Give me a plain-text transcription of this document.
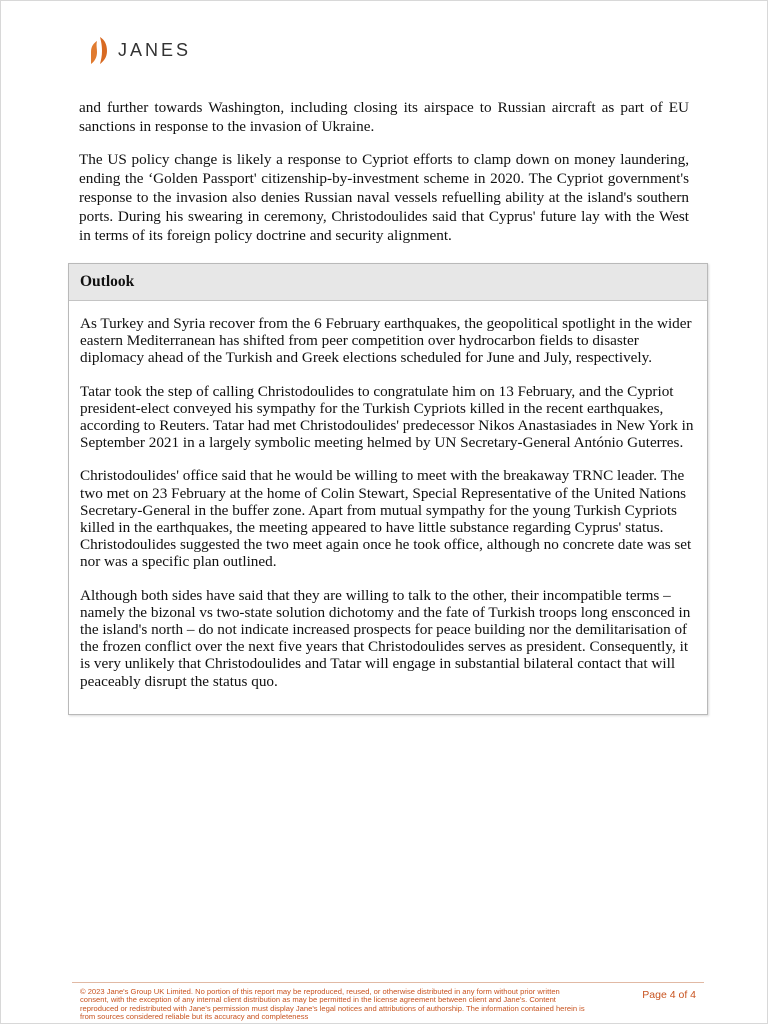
JANES

and further towards Washington, including closing its airspace to Russian aircraft as part of EU sanctions in response to the invasion of Ukraine.

The US policy change is likely a response to Cypriot efforts to clamp down on money laundering, ending the ‘Golden Passport' citizenship-by-investment scheme in 2020. The Cypriot government's response to the invasion also denies Russian naval vessels refuelling ability at the island's southern ports. During his swearing in ceremony, Christodoulides said that Cyprus' future lay with the West in terms of its foreign policy doctrine and security alignment.

Outlook

As Turkey and Syria recover from the 6 February earthquakes, the geopolitical spotlight in the wider eastern Mediterranean has shifted from peer competition over hydrocarbon fields to disaster diplomacy ahead of the Turkish and Greek elections scheduled for June and July, respectively.

Tatar took the step of calling Christodoulides to congratulate him on 13 February, and the Cypriot president-elect conveyed his sympathy for the Turkish Cypriots killed in the recent earthquakes, according to Reuters. Tatar had met Christodoulides' predecessor Nikos Anastasiades in New York in September 2021 in a largely symbolic meeting helmed by UN Secretary-General António Guterres.

Christodoulides' office said that he would be willing to meet with the breakaway TRNC leader. The two met on 23 February at the home of Colin Stewart, Special Representative of the United Nations Secretary-General in the buffer zone. Apart from mutual sympathy for the young Turkish Cypriots killed in the earthquakes, the meeting appeared to have little substance regarding Cyprus' status. Christodoulides suggested the two meet again once he took office, although no concrete date was set nor was a specific plan outlined.

Although both sides have said that they are willing to talk to the other, their incompatible terms – namely the bizonal vs two-state solution dichotomy and the fate of Turkish troops long ensconced in the island's north – do not indicate increased prospects for peace building nor the demilitarisation of the frozen conflict over the next five years that Christodoulides serves as president. Consequently, it is very unlikely that Christodoulides and Tatar will engage in substantial bilateral contact that will peaceably disrupt the status quo.

© 2023 Jane's Group UK Limited. No portion of this report may be reproduced, reused, or otherwise distributed in any form without prior written consent, with the exception of any internal client distribution as may be permitted in the license agreement between client and Jane's. Content reproduced or redistributed with Jane's permission must display Jane's legal notices and attributions of authorship. The information contained herein is from sources considered reliable but its accuracy and completeness
Page 4 of 4
